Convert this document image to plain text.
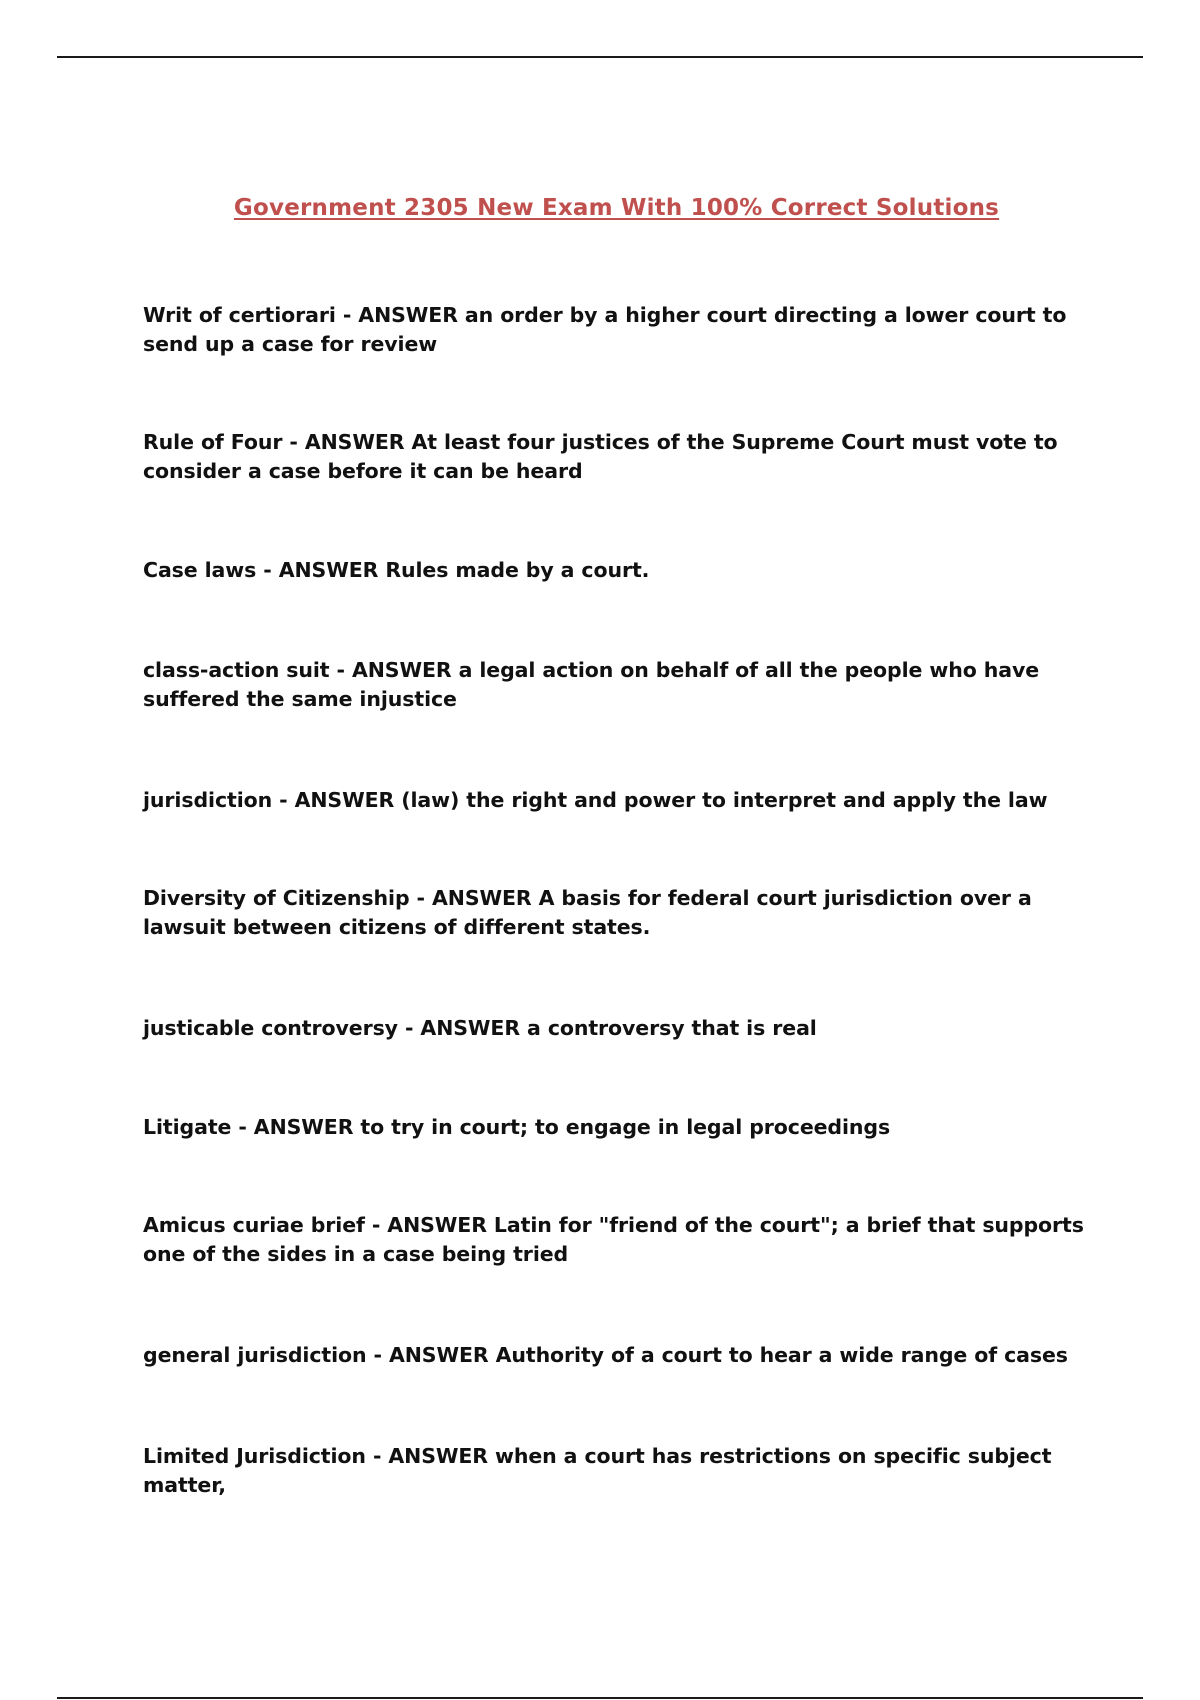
Government 2305 New Exam With 100% Correct Solutions
Writ of certiorari - ANSWER an order by a higher court directing a lower court to send up a case for review
Rule of Four - ANSWER At least four justices of the Supreme Court must vote to consider a case before it can be heard
Case laws - ANSWER Rules made by a court.
class-action suit - ANSWER a legal action on behalf of all the people who have suffered the same injustice
jurisdiction - ANSWER (law) the right and power to interpret and apply the law
Diversity of Citizenship - ANSWER A basis for federal court jurisdiction over a lawsuit between citizens of different states.
justicable controversy - ANSWER a controversy that is real
Litigate - ANSWER to try in court; to engage in legal proceedings
Amicus curiae brief - ANSWER Latin for "friend of the court"; a brief that supports one of the sides in a case being tried
general jurisdiction - ANSWER Authority of a court to hear a wide range of cases
Limited Jurisdiction - ANSWER when a court has restrictions on specific subject matter,
